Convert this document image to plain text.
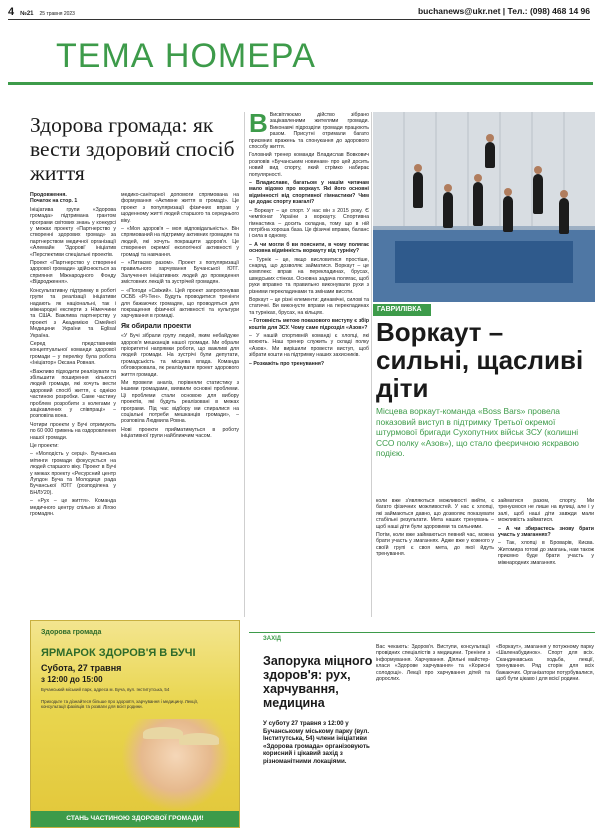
4 №21 25 травня 2023	buchanews@ukr.net | Тел.: (098) 468 14 96
ТЕМА НОМЕРА
Здорова громада: як вести здоровий спосіб життя

Продовження.

Початок на стор. 1

Ініціатива групи «Здорова громада» підтримана грантом програми світових знань у конкурсі у межах проекту «Партнерство у створенні здорових громад» за партнерством медичної організації «Алемайн 'Здорові' ініціатив «Перспективи спеціальні проектів.

Проект «Партнерство у створенні здорової громади» здійснюється за сприяння Міжнародного Фонду «Відродження».

Консультативну підтримку в роботі групи та реалізації ініціативи надають як національні, так і міжнародні експерти з Німеччини та США. Важлива партнерству у проекті з Академією Сімейної Медицини України та Eglisal Україна.

Серед представників концептуальної команди здорової громади – у переліку була робота «Ініціатор» Оксана Ровная.

«Важливо підходити реалізувати та збільшити поширення кількості людей громади, які хочуть вести здоровий спосіб життя, є однією частиною розробки. Саме частину проблем розробити з колегами у зацікавлених у співпраці» – розповіла вона.

Чотири проекти у Бучі отримують по 60 000 гривень на оздоровлення нашої громади.

Це проекти:

– «Молодість у серці». Бучанська мітинги громади фокусується на людей старшого віку. Проект в Бучі у межах проекту «Ресурсний центр Лупдон Буча та Молодиця рада Бучанської ЮТГ (розподілена у БНЛУ20).

– «Рух – це життя». Команда медичного центру спільно зі Лігою громадян.

медико-санітарної допомоги спрямована на формування «Активне життя в громаді». Це проект з популяризації фізичних вправ у щоденному житті людей старшого та середнього віку.

– «Моя здоров'я – моя відповідальність». Він спрямований на підтримку активних громадян та людей, які хочуть покращити здоров'я. Це створення окремої екологічної активності у громаді та навчання.

– «Питаємо разом». Проект з популяризації правильного харчування Бучанської ЮТГ. Залучення ініціативних людей до проведення змістовних лекцій та зустрічей громадян.

– «Погоди «Свіжий». Цей проект запропонував ОСББ «Рі-Тен». Будуть проводитися тренінги для бажаючих громадян, що проводяться для покращення фізичної активності та культури харчування в громаді.

Як обирали проекти

«У Бучі зібрали групу людей, яким небайдуже здоров'я мешканців нашої громади. Ми обрали пріоритетні напрямки роботи, що важливі для людей громади. На зустрічі були депутати, громадськість та місцева влада. Команда обговорювала, як реалізувати проект здорового життя громади.

Ми провели аналіз, порівняли статистику з іншими громадами, виявили основні проблеми. Ці проблеми стали основою для вибору проектів, які будуть реалізовані в межах програми. Під час відбору ми спиралися на соціальні потреби мешканців громади», – розповіла Людмила Ровна.

Нові проекти прийматимуться в роботу ініціативної групи найближчим часом.

В Висвітлюємо дійство зібрано зацікавленими жителями громади. Виконавчі підрозділи громади працюють разом. Присутні отримали багато приємних вражень та спонукання до здорового способу життя.

Головний тренер команди Владислав Вовкович розповів «Бучанським новинам» про цей досить новий вид спорту, який стрімко набирає популярності.

– Владиславе, багатьом у нашім читачам мало відомо про воркаут. Які його основні відмінності від спортивної гімнастики? Чим це додає спорту взагалі?

– Воркаут – це спорт. У нас він з 2015 року. Є чемпіонат України з воркауту. Спортивна гімнастика – досить складна, тому що в ній потрібна хороша база. Це фізичні вправи, баланс і сила в одному.

– А чи могли б ви пояснити, в чому полягає основна відмінність воркауту від турніку?

– Турнік – це, якщо висловитися простіше, снаряд, що дозволяє займатися. Воркаут – це комплекс вправ на перекладинах, брусах, шведських стінках. Основна задача полягає, щоб руки вправно та правильно виконували рухи з різними перекладинами та змінами висоти.

Воркаут – це різні елементи: динамічні, силові та статичні. Ви виконуєте вправи на перекладинах та турніках, брусах, на кільцях.

– Готовність метою показового виступу є збір коштів для ЗСУ. Чому саме підрозділ «Азов»?

– У нашій спортивній команді є хлопці, які воюють. Наш тренер служить у складі полку «Азов». Ми вирішили провести виступ, щоб зібрати кошти на підтримку наших захисників.

– Розкажіть про тренування?

ГАВРИЛІВКА
Воркаут – сильні, щасливі діти
Місцева воркаут-команда «Boss Bars» провела показовий виступ в підтримку Третьої окремої штурмової бригади Сухопутних військ ЗСУ (колишні ССО полку «Азов»), що стало феєричною яскравою подією.

коли вже з'являються можливості вийти, є багато фізичних можливостей. У нас є хлопці, які займаються давно, що дозволяє показувати стабільні результати. Мета наших тренувань – щоб наші діти були здоровими та сильними.

Потім, коли вже займаються певний час, можна брати участь у змаганнях. Адже вже у кожного у своїй групі є своя мета, до якої йдуть тренування.

займатися разом, спорту. Ми тренуємося не лише на вулиці, але і у залі, щоб наші діти завжди мали можливість займатися.

– А чи збираєтесь знову брати участь у змаганнях?

– Так, хлопці в Броварів, Києва. Житомира готові до змагань, нам також приємно буде брати участь у міжнародних змаганнях.

Здорова громада
ЯРМАРОК ЗДОРОВ'Я В БУЧІ
Субота, 27 травня
з 12:00 до 15:00
Бучанський міський парк, адреса м. Буча, вул. Інститутська, 54
Приходьте та дізнайтеся більше про здоров'я, харчування і медицину. Лекції, консультації фахівців та розваги для всієї родини.
СТАНЬ ЧАСТИНОЮ ЗДОРОВОЇ ГРОМАДИ!
ЗАХІД
Запорука міцного здоров'я: рух, харчування, медицина
У суботу 27 травня з 12:00 у Бучанському міському парку (вул. Інститутська, 54) члени ініціативи «Здорова громада» організовують корисний і цікавий захід з різноманітними локаціями.
Вас чекають: Здоров'я. Виступи, консультації провідних спеціалістів з медицини. Тренінги з інформування. Харчування. Діяльні майстер-класи «Здорове харчування» та «Корисні солодощі». Лекції про харчування дітей та дорослих.
«Воркаут», змагання у потужному парку «Шаленабудинок». Спорт для всіх. Скандинавська ходьба, лекції, тренування. Ряд сторін для всіх бажаючих. Організатори потурбувалися, щоб бути цікаво і для всієї родини.
